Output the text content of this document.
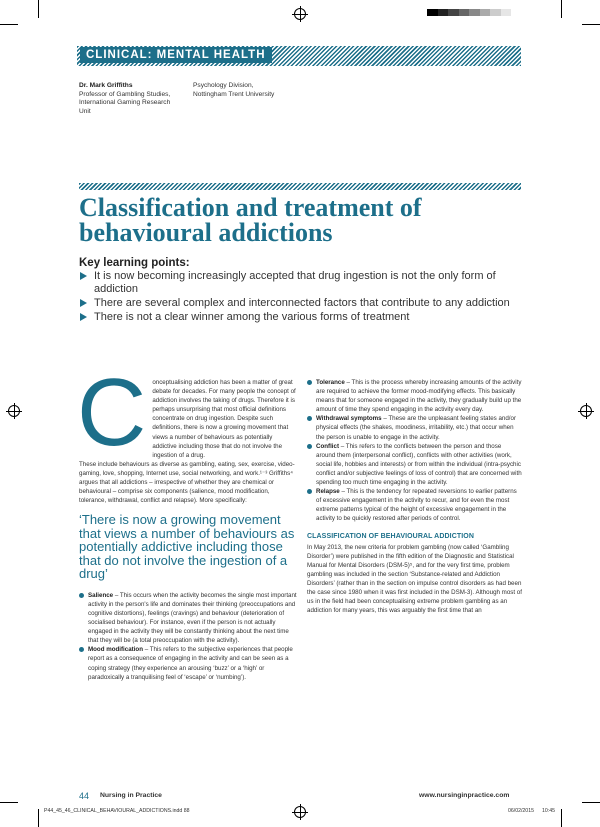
CLINICAL: MENTAL HEALTH
Dr. Mark Griffiths
Professor of Gambling Studies,
International Gaming Research
Unit
Psychology Division,
Nottingham Trent University
Classification and treatment of
behavioural addictions
Key learning points:
It is now becoming increasingly accepted that drug ingestion is not the only form of addiction
There are several complex and interconnected factors that contribute to any addiction
There is not a clear winner among the various forms of treatment

Conceptualising addiction has been a matter of great debate for decades. For many people the concept of addiction involves the taking of drugs. Therefore it is perhaps unsurprising that most official definitions concentrate on drug ingestion. Despite such definitions, there is now a growing movement that views a number of behaviours as potentially addictive including those that do not involve the ingestion of a drug.

These include behaviours as diverse as gambling, eating, sex, exercise, video-gaming, love, shopping, Internet use, social networking, and work.¹⁻³ Griffiths⁴ argues that all addictions – irrespective of whether they are chemical or behavioural – comprise six components (salience, mood modification, tolerance, withdrawal, conflict and relapse). More specifically:

‘There is now a growing movement that views a number of behaviours as potentially addictive including those that do not involve the ingestion of a drug’
Salience – This occurs when the activity becomes the single most important activity in the person's life and dominates their thinking (preoccupations and cognitive distortions), feelings (cravings) and behaviour (deterioration of socialised behaviour). For instance, even if the person is not actually engaged in the activity they will be constantly thinking about the next time that they will be (a total preoccupation with the activity).
Mood modification – This refers to the subjective experiences that people report as a consequence of engaging in the activity and can be seen as a coping strategy (they experience an arousing ‘buzz’ or a ‘high’ or paradoxically a tranquilising feel of ‘escape’ or ‘numbing’).
Tolerance – This is the process whereby increasing amounts of the activity are required to achieve the former mood-modifying effects. This basically means that for someone engaged in the activity, they gradually build up the amount of time they spend engaging in the activity every day.
Withdrawal symptoms – These are the unpleasant feeling states and/or physical effects (the shakes, moodiness, irritability, etc.) that occur when the person is unable to engage in the activity.
Conflict – This refers to the conflicts between the person and those around them (interpersonal conflict), conflicts with other activities (work, social life, hobbies and interests) or from within the individual (intra-psychic conflict and/or subjective feelings of loss of control) that are concerned with spending too much time engaging in the activity.
Relapse – This is the tendency for repeated reversions to earlier patterns of excessive engagement in the activity to recur, and for even the most extreme patterns typical of the height of excessive engagement in the activity to be quickly restored after periods of control.
CLASSIFICATION OF BEHAVIOURAL ADDICTION

In May 2013, the new criteria for problem gambling (now called ‘Gambling Disorder’) were published in the fifth edition of the Diagnostic and Statistical Manual for Mental Disorders (DSM-5)⁵, and for the very first time, problem gambling was included in the section ‘Substance-related and Addiction Disorders’ (rather than in the section on impulse control disorders as had been the case since 1980 when it was first included in the DSM-3). Although most of us in the field had been conceptualising extreme problem gambling as an addiction for many years, this was arguably the first time that an

44 Nursing in Practice	www.nursinginpractice.com
P44_45_46_CLINICAL_BEHAVIOURAL_ADDICTIONS.indd 88	06/02/2015 10:45
